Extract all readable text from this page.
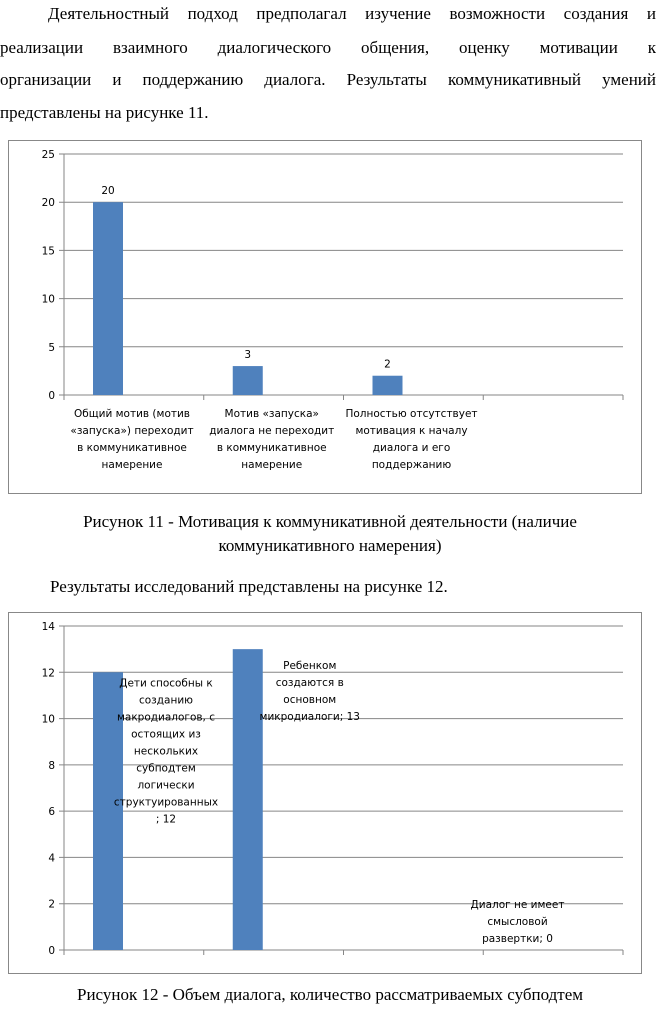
Деятельностный подход предполагал изучение возможности создания и
реализации взаимного диалогического общения, оценку мотивации к
организации и поддержанию диалога. Результаты коммуникативный умений
представлены на рисунке 11.
0
5
10
15
20
25
Общий мотив (мотив
«запуска») переходит
в коммуникативное
намерение
20
Мотив «запуска»
диалога не переходит
в коммуникативное
намерение
3
Полностью отсутствует
мотивация к началу
диалога и его
поддержанию
2
Рисунок 11 - Мотивация к коммуникативной деятельности (наличие
коммуникативного намерения)
Результаты исследований представлены на рисунке 12.
0
2
4
6
8
10
12
14
Дети способны к
созданию
макродиалогов, с
остоящих из
нескольких
субподтем
логически
структуированных
; 12
Ребенком
создаются в
основном
микродиалоги; 13
Диалог не имеет
смысловой
развертки; 0
Рисунок 12 - Объем диалога, количество рассматриваемых субподтем
